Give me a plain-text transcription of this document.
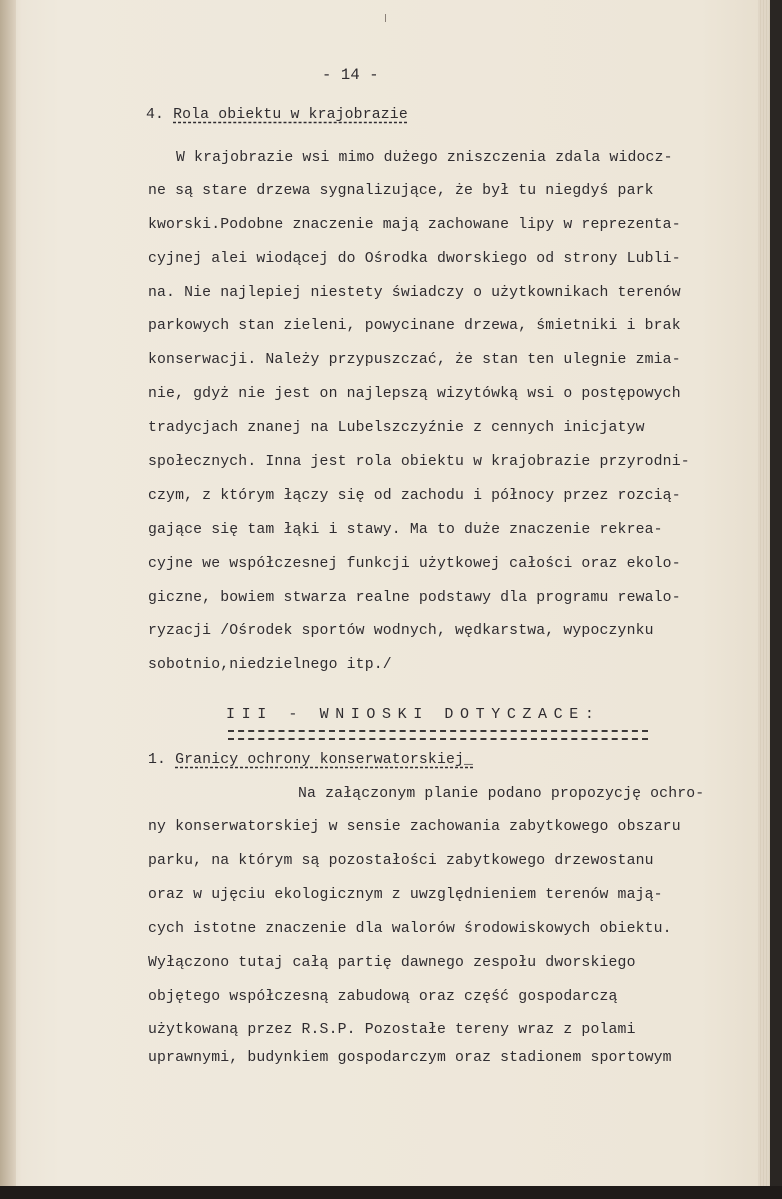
- 14 -
4. Rola obiektu w krajobrazie
W krajobrazie wsi mimo dużego zniszczenia zdala widocz-
ne są stare drzewa sygnalizujące, że był tu niegdyś park
kworski.Podobne znaczenie mają zachowane lipy w reprezenta-
cyjnej alei wiodącej do Ośrodka dworskiego od strony Lubli-
na. Nie najlepiej niestety świadczy o użytkownikach terenów
parkowych stan zieleni, powycinane drzewa, śmietniki i brak
konserwacji. Należy przypuszczać, że stan ten ulegnie zmia-
nie, gdyż nie jest on najlepszą wizytówką wsi o postępowych
tradycjach znanej na Lubelszczyźnie z cennych inicjatyw
społecznych. Inna jest rola obiektu w krajobrazie przyrodni-
czym, z którym łączy się od zachodu i północy przez rozcią-
gające się tam łąki i stawy. Ma to duże znaczenie rekrea-
cyjne we współczesnej funkcji użytkowej całości oraz ekolo-
giczne, bowiem stwarza realne podstawy dla programu rewalo-
ryzacji /Ośrodek sportów wodnych, wędkarstwa, wypoczynku
sobotnio,niedzielnego itp./
III - WNIOSKI DOTYCZACE:
1. Granicy ochrony konserwatorskiej_
Na załączonym planie podano propozycję ochro-
ny konserwatorskiej w sensie zachowania zabytkowego obszaru
parku, na którym są pozostałości zabytkowego drzewostanu
oraz w ujęciu ekologicznym z uwzględnieniem terenów mają-
cych istotne znaczenie dla walorów środowiskowych obiektu.
Wyłączono tutaj całą partię dawnego zespołu dworskiego
objętego współczesną zabudową oraz część gospodarczą
użytkowaną przez R.S.P. Pozostałe tereny wraz z polami
uprawnymi, budynkiem gospodarczym oraz stadionem sportowym
